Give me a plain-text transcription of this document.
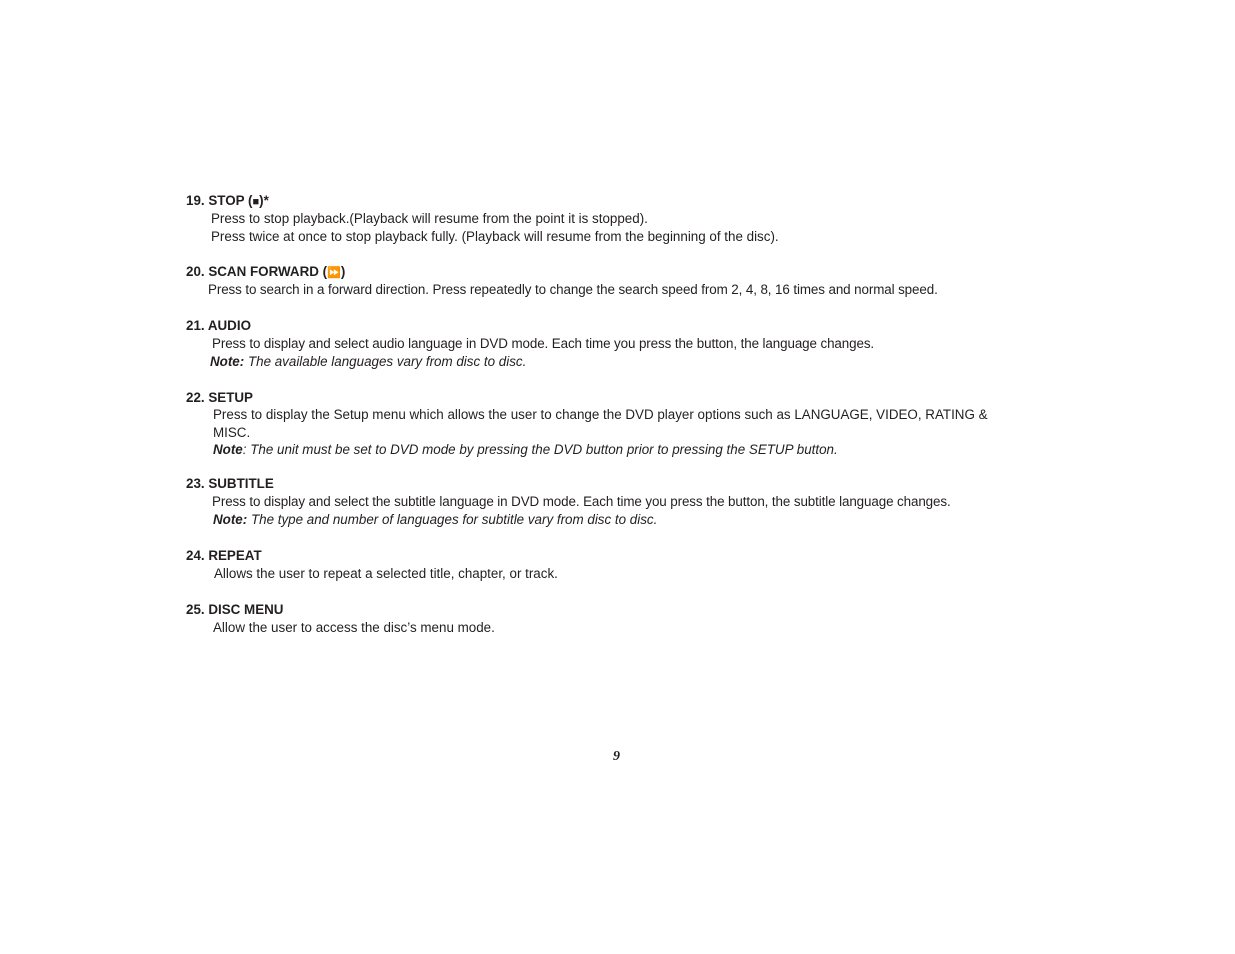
19. STOP (■)*
Press to stop playback.(Playback will resume from the point it is stopped).
Press twice at once to stop playback fully. (Playback will resume from the beginning of the disc).
20. SCAN FORWARD (⏩)
Press to search in a forward direction. Press repeatedly to change the search speed from 2, 4, 8, 16 times and normal speed.
21. AUDIO
Press to display and select audio language in DVD mode. Each time you press the button, the language changes.
Note: The available languages vary from disc to disc.
22. SETUP
Press to display the Setup menu which allows the user to change the DVD player options such as LANGUAGE, VIDEO, RATING &
MISC.
Note: The unit must be set to DVD mode by pressing the DVD button prior to pressing the SETUP button.
23. SUBTITLE
Press to display and select the subtitle language in DVD mode. Each time you press the button, the subtitle language changes.
Note: The type and number of languages for subtitle vary from disc to disc.
24. REPEAT
Allows the user to repeat a selected title, chapter, or track.
25. DISC MENU
Allow the user to access the disc’s menu mode.
9
